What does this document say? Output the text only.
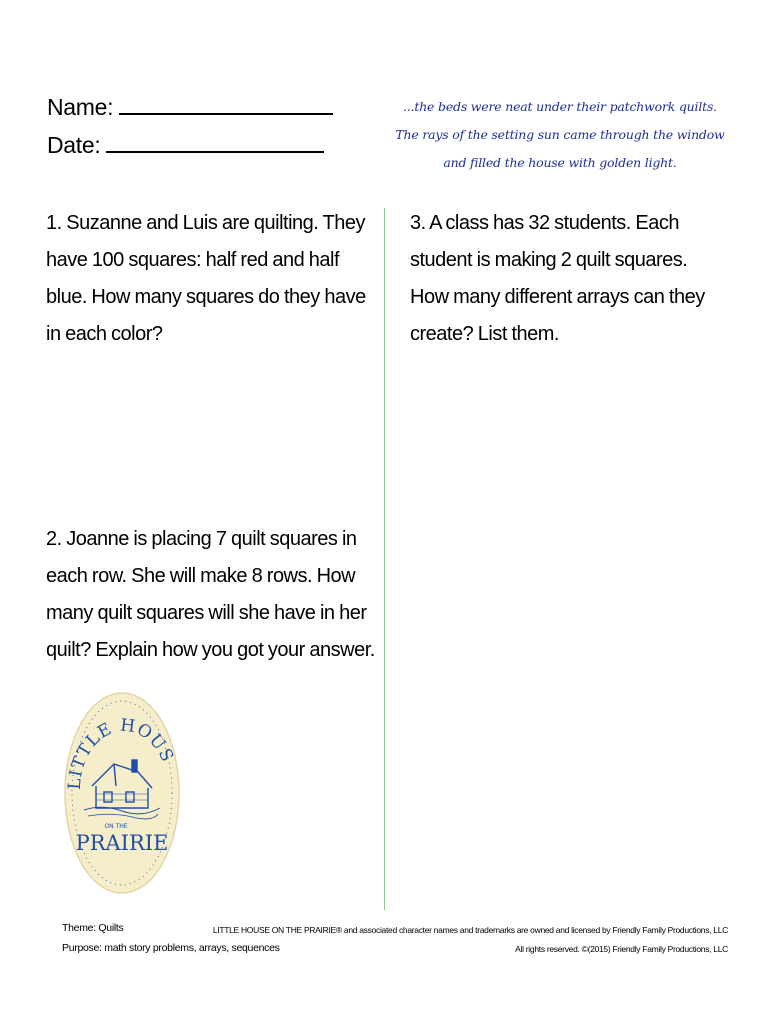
Name:
Date:
...the beds were neat under their patchwork quilts.
The rays of the setting sun came through the window
and filled the house with golden light.
1. Suzanne and Luis are quilting. They have 100 squares: half red and half blue. How many squares do they have in each color?
2. Joanne is placing 7 quilt squares in each row. She will make 8 rows. How many quilt squares will she have in her quilt? Explain how you got your answer.
3. A class has 32 students. Each student is making 2 quilt squares. How many different arrays can they create? List them.
LITTLE HOUS
ON THE
PRAIRIE
Theme: Quilts
Purpose: math story problems, arrays, sequences
LITTLE HOUSE ON THE PRAIRIE® and associated character names and trademarks are owned and licensed by Friendly Family Productions, LLC
All rights reserved. ©(2015) Friendly Family Productions, LLC
